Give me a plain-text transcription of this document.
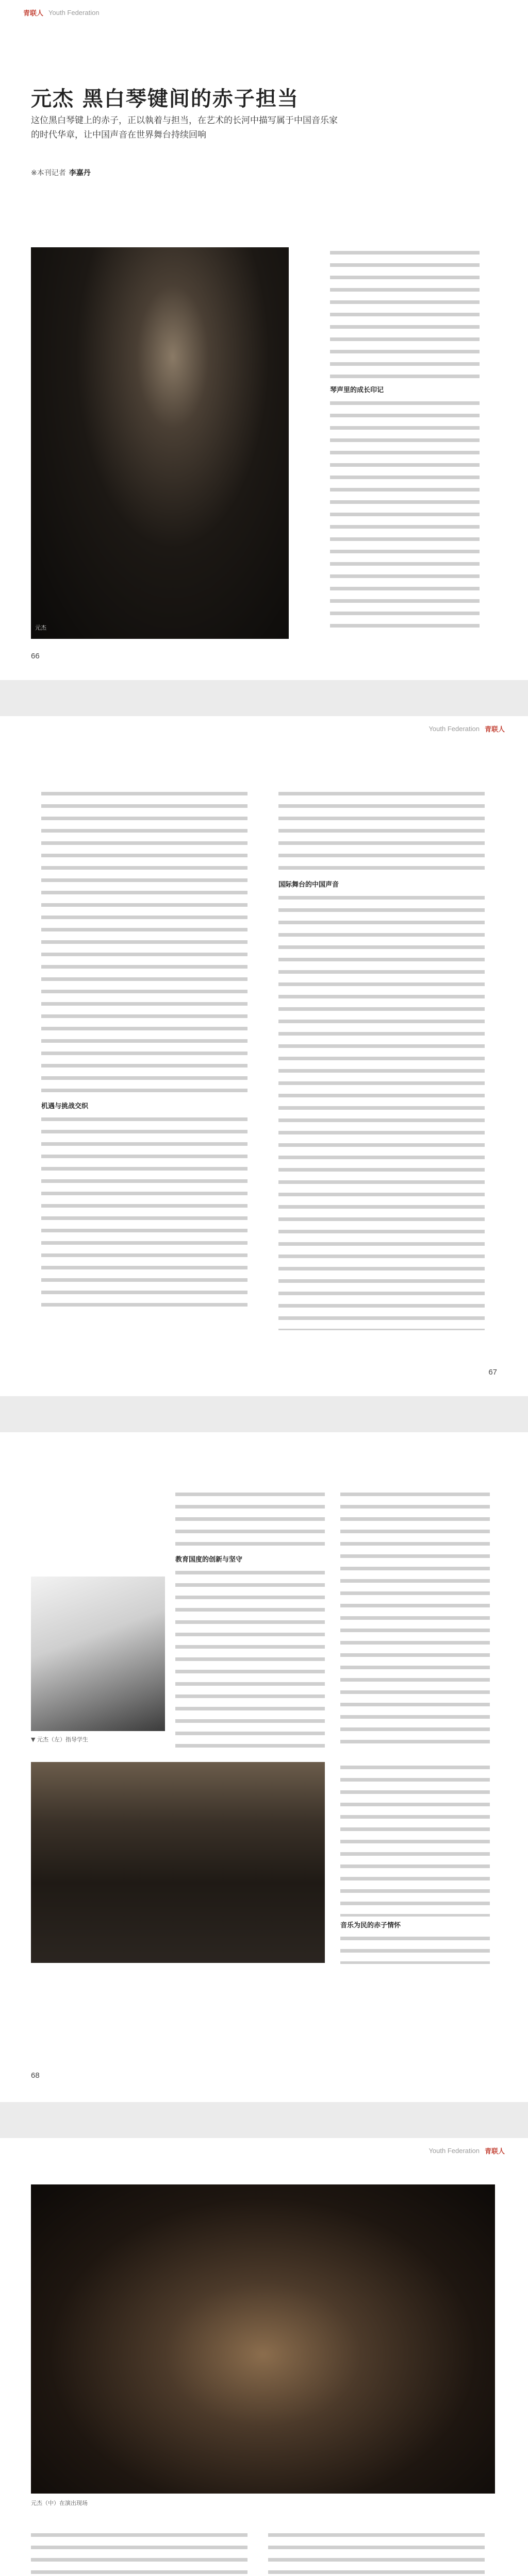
青联人 Youth Federation
元杰 黑白琴键间的赤子担当
这位黑白琴键上的赤子，正以執着与担当，在艺术的长河中描写属于中国音乐家的时代华章，让中国声音在世界舞台持续回响
※本刊记者 李嘉丹
元杰
琴声里的成长印记
66
Youth Federation 青联人
机遇与挑战交织
国际舞台的中国声音
67
教育国度的创新与坚守
▼ 元杰（左）指导学生
音乐为民的赤子情怀
68
Youth Federation 青联人
元杰（中）在演出现场
